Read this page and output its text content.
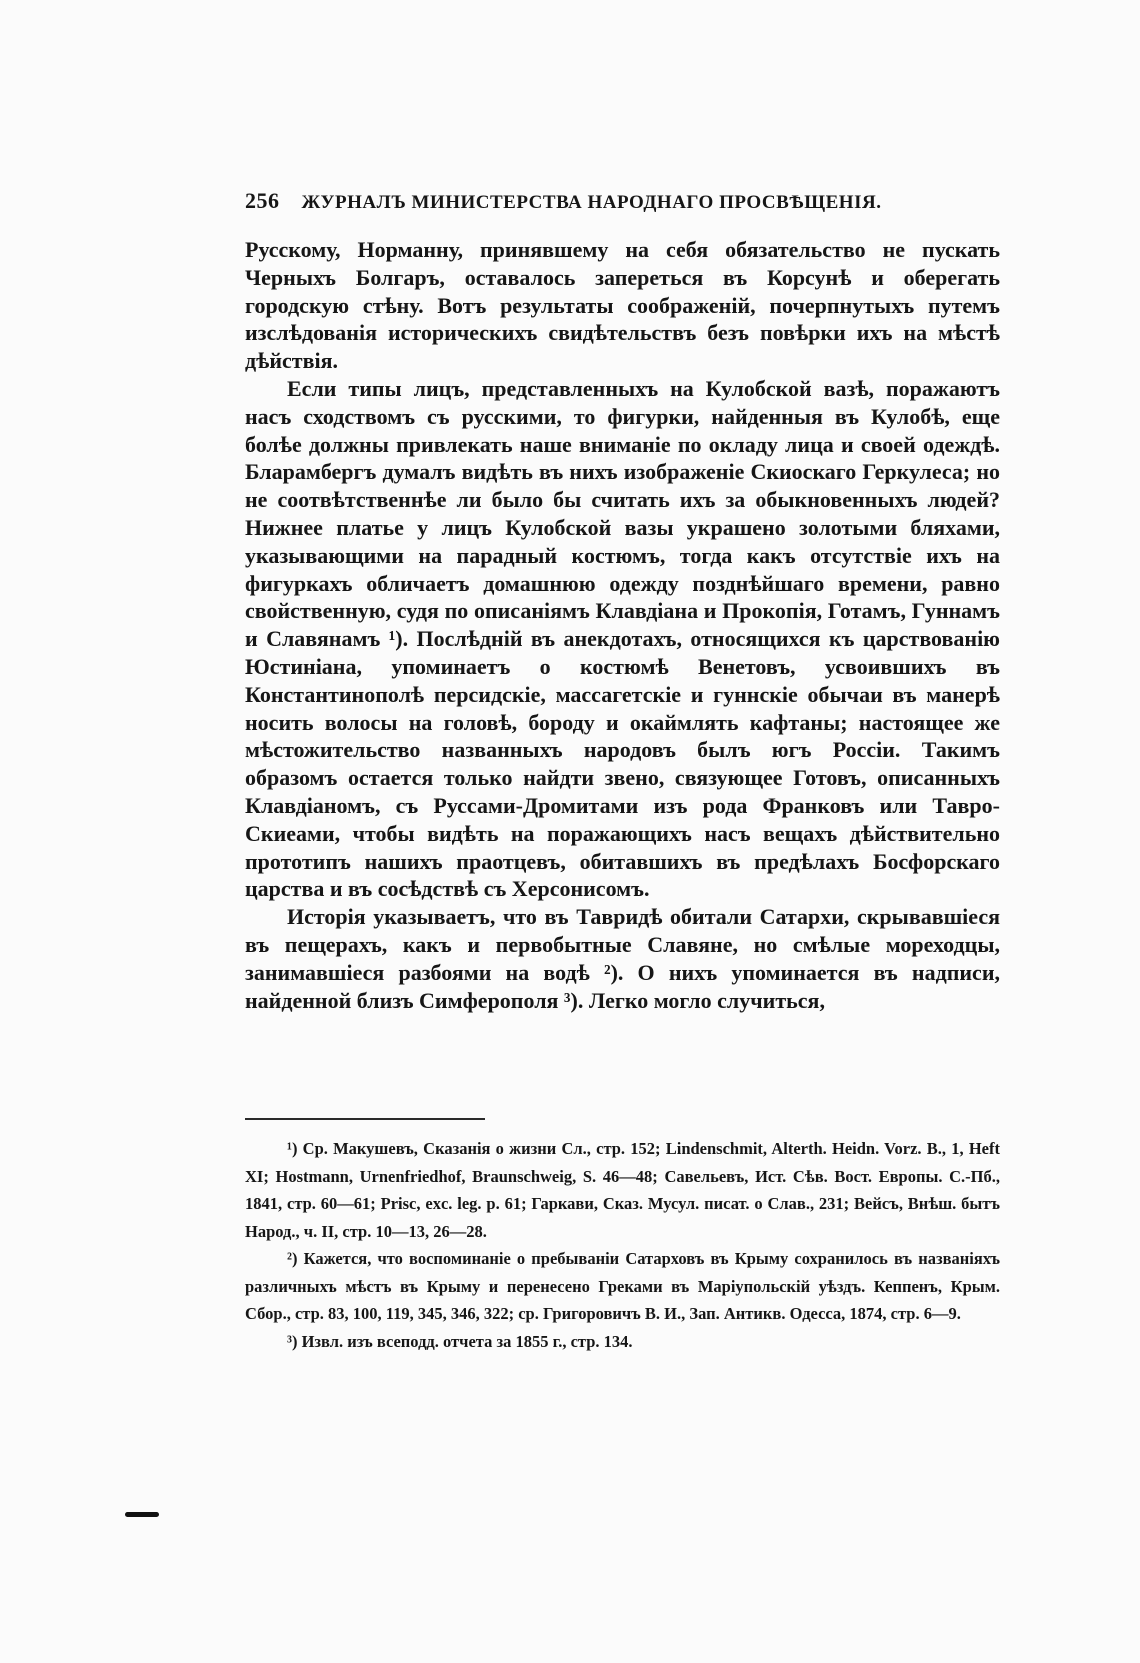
256 ЖУРНАЛЪ МИНИСТЕРСТВА НАРОДНАГО ПРОСВѢЩЕНІЯ.

Русскому, Норманну, принявшему на себя обязательство не пускать Черныхъ Болгаръ, оставалось запереться въ Корсунѣ и оберегать городскую стѣну. Вотъ результаты соображеній, почерпнутыхъ путемъ изслѣдованія историческихъ свидѣтельствъ безъ повѣрки ихъ на мѣстѣ дѣйствія.

Если типы лицъ, представленныхъ на Кулобской вазѣ, поражаютъ насъ сходствомъ съ русскими, то фигурки, найденныя въ Кулобѣ, еще болѣе должны привлекать наше вниманіе по окладу лица и своей одеждѣ. Бларамбергъ думалъ видѣть въ нихъ изображеніе Скиоскаго Геркулеса; но не соотвѣтственнѣе ли было бы считать ихъ за обыкновенныхъ людей? Нижнее платье у лицъ Кулобской вазы украшено золотыми бляхами, указывающими на парадный костюмъ, тогда какъ отсутствіе ихъ на фигуркахъ обличаетъ домашнюю одежду позднѣйшаго времени, равно свойственную, судя по описаніямъ Клавдіана и Прокопія, Готамъ, Гуннамъ и Славянамъ ¹). Послѣдній въ анекдотахъ, относящихся къ царствованію Юстиніана, упоминаетъ о костюмѣ Венетовъ, усвоившихъ въ Константинополѣ персидскіе, массагетскіе и гуннскіе обычаи въ манерѣ носить волосы на головѣ, бороду и окаймлять кафтаны; настоящее же мѣстожительство названныхъ народовъ былъ югъ Россіи. Такимъ образомъ остается только найдти звено, связующее Готовъ, описанныхъ Клавдіаномъ, съ Руссами-Дромитами изъ рода Франковъ или Тавро-Скиеами, чтобы видѣть на поражающихъ насъ вещахъ дѣйствительно прототипъ нашихъ праотцевъ, обитавшихъ въ предѣлахъ Босфорскаго царства и въ сосѣдствѣ съ Херсонисомъ.

Исторія указываетъ, что въ Тавридѣ обитали Сатархи, скрывавшіеся въ пещерахъ, какъ и первобытные Славяне, но смѣлые мореходцы, занимавшіеся разбоями на водѣ ²). О нихъ упоминается въ надписи, найденной близъ Симферополя ³). Легко могло случиться,

¹) Ср. Макушевъ, Сказанія о жизни Сл., стр. 152; Lindenschmit, Alterth. Heidn. Vorz. B., 1, Heft XI; Hostmann, Urnenfriedhof, Braunschweig, S. 46—48; Савельевъ, Ист. Сѣв. Вост. Европы. С.-Пб., 1841, стр. 60—61; Prisc, exc. leg. p. 61; Гаркави, Сказ. Мусул. писат. о Слав., 231; Вейсъ, Внѣш. бытъ Народ., ч. II, стр. 10—13, 26—28.

²) Кажется, что воспоминаніе о пребываніи Сатарховъ въ Крыму сохранилось въ названіяхъ различныхъ мѣстъ въ Крыму и перенесено Греками въ Маріупольскій уѣздъ. Кеппенъ, Крым. Сбор., стр. 83, 100, 119, 345, 346, 322; ср. Григоровичъ В. И., Зап. Антикв. Одесса, 1874, стр. 6—9.

³) Извл. изъ всеподд. отчета за 1855 г., стр. 134.
